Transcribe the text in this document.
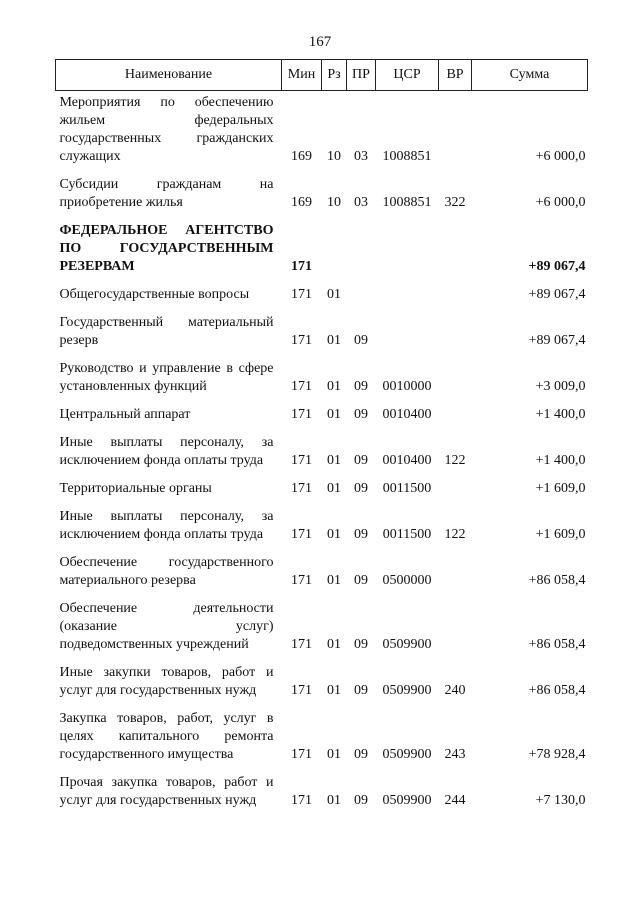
167
Наименование	Мин	Рз	ПР	ЦСР	ВР	Сумма
Мероприятия по обеспечению жильем федеральных государственных гражданских служащих	169	10	03	1008851		+6 000,0
Субсидии гражданам на приобретение жилья	169	10	03	1008851	322	+6 000,0
ФЕДЕРАЛЬНОЕ АГЕНТСТВО ПО ГОСУДАРСТВЕННЫМ РЕЗЕРВАМ	171					+89 067,4
Общегосударственные вопросы	171	01				+89 067,4
Государственный материальный резерв	171	01	09			+89 067,4
Руководство и управление в сфере установленных функций	171	01	09	0010000		+3 009,0
Центральный аппарат	171	01	09	0010400		+1 400,0
Иные выплаты персоналу, за исключением фонда оплаты труда	171	01	09	0010400	122	+1 400,0
Территориальные органы	171	01	09	0011500		+1 609,0
Иные выплаты персоналу, за исключением фонда оплаты труда	171	01	09	0011500	122	+1 609,0
Обеспечение государственного материального резерва	171	01	09	0500000		+86 058,4
Обеспечение деятельности (оказание услуг) подведомственных учреждений	171	01	09	0509900		+86 058,4
Иные закупки товаров, работ и услуг для государственных нужд	171	01	09	0509900	240	+86 058,4
Закупка товаров, работ, услуг в целях капитального ремонта государственного имущества	171	01	09	0509900	243	+78 928,4
Прочая закупка товаров, работ и услуг для государственных нужд	171	01	09	0509900	244	+7 130,0
